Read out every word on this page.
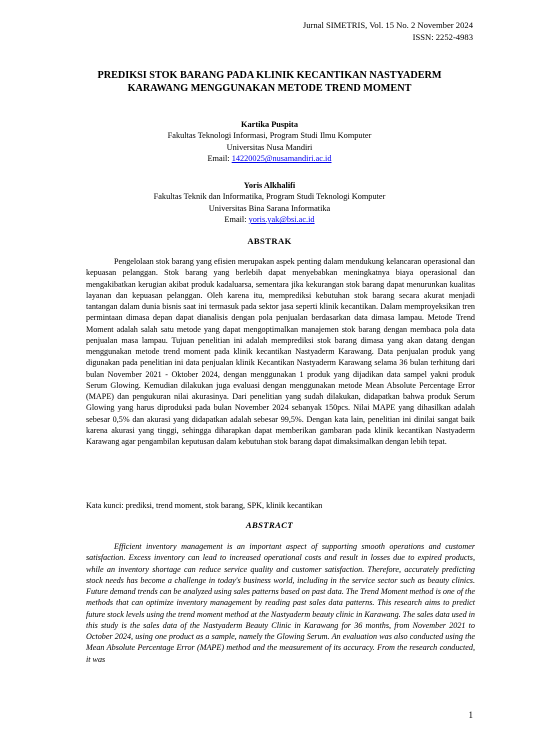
Jurnal SIMETRIS, Vol. 15 No. 2 November 2024
ISSN: 2252-4983
PREDIKSI STOK BARANG PADA KLINIK KECANTIKAN NASTYADERM KARAWANG MENGGUNAKAN METODE TREND MOMENT
Kartika Puspita
Fakultas Teknologi Informasi, Program Studi Ilmu Komputer
Universitas Nusa Mandiri
Email: 14220025@nusamandiri.ac.id
Yoris Alkhalifi
Fakultas Teknik dan Informatika, Program Studi Teknologi Komputer
Universitas Bina Sarana Informatika
Email: yoris.yak@bsi.ac.id
ABSTRAK
Pengelolaan stok barang yang efisien merupakan aspek penting dalam mendukung kelancaran operasional dan kepuasan pelanggan. Stok barang yang berlebih dapat menyebabkan meningkatnya biaya operasional dan mengakibatkan kerugian akibat produk kadaluarsa, sementara jika kekurangan stok barang dapat menurunkan kualitas layanan dan kepuasan pelanggan. Oleh karena itu, memprediksi kebutuhan stok barang secara akurat menjadi tantangan dalam dunia bisnis saat ini termasuk pada sektor jasa seperti klinik kecantikan. Dalam memproyeksikan tren permintaan dimasa depan dapat dianalisis dengan pola penjualan berdasarkan data dimasa lampau. Metode Trend Moment adalah salah satu metode yang dapat mengoptimalkan manajemen stok barang dengan membaca pola data penjualan masa lampau. Tujuan penelitian ini adalah memprediksi stok barang dimasa yang akan datang dengan menggunakan metode trend moment pada klinik kecantikan Nastyaderm Karawang. Data penjualan produk yang digunakan pada penelitian ini data penjualan klinik Kecantikan Nastyaderm Karawang selama 36 bulan terhitung dari bulan November 2021 - Oktober 2024, dengan menggunakan 1 produk yang dijadikan data sampel yakni produk Serum Glowing. Kemudian dilakukan juga evaluasi dengan menggunakan metode Mean Absolute Percentage Error (MAPE) dan pengukuran nilai akurasinya. Dari penelitian yang sudah dilakukan, didapatkan bahwa produk Serum Glowing yang harus diproduksi pada bulan November 2024 sebanyak 150pcs. Nilai MAPE yang dihasilkan adalah sebesar 0,5% dan akurasi yang didapatkan adalah sebesar 99,5%. Dengan kata lain, penelitian ini dinilai sangat baik karena akurasi yang tinggi, sehingga diharapkan dapat memberikan gambaran pada klinik kecantikan Nastyaderm Karawang agar pengambilan keputusan dalam kebutuhan stok barang dapat dimaksimalkan dengan lebih tepat.
Kata kunci: prediksi, trend moment, stok barang, SPK, klinik kecantikan
ABSTRACT
Efficient inventory management is an important aspect of supporting smooth operations and customer satisfaction. Excess inventory can lead to increased operational costs and result in losses due to expired products, while an inventory shortage can reduce service quality and customer satisfaction. Therefore, accurately predicting stock needs has become a challenge in today's business world, including in the service sector such as beauty clinics. Future demand trends can be analyzed using sales patterns based on past data. The Trend Moment method is one of the methods that can optimize inventory management by reading past sales data patterns. This research aims to predict future stock levels using the trend moment method at the Nastyaderm beauty clinic in Karawang. The sales data used in this study is the sales data of the Nastyaderm Beauty Clinic in Karawang for 36 months, from November 2021 to October 2024, using one product as a sample, namely the Glowing Serum. An evaluation was also conducted using the Mean Absolute Percentage Error (MAPE) method and the measurement of its accuracy. From the research conducted, it was
1
